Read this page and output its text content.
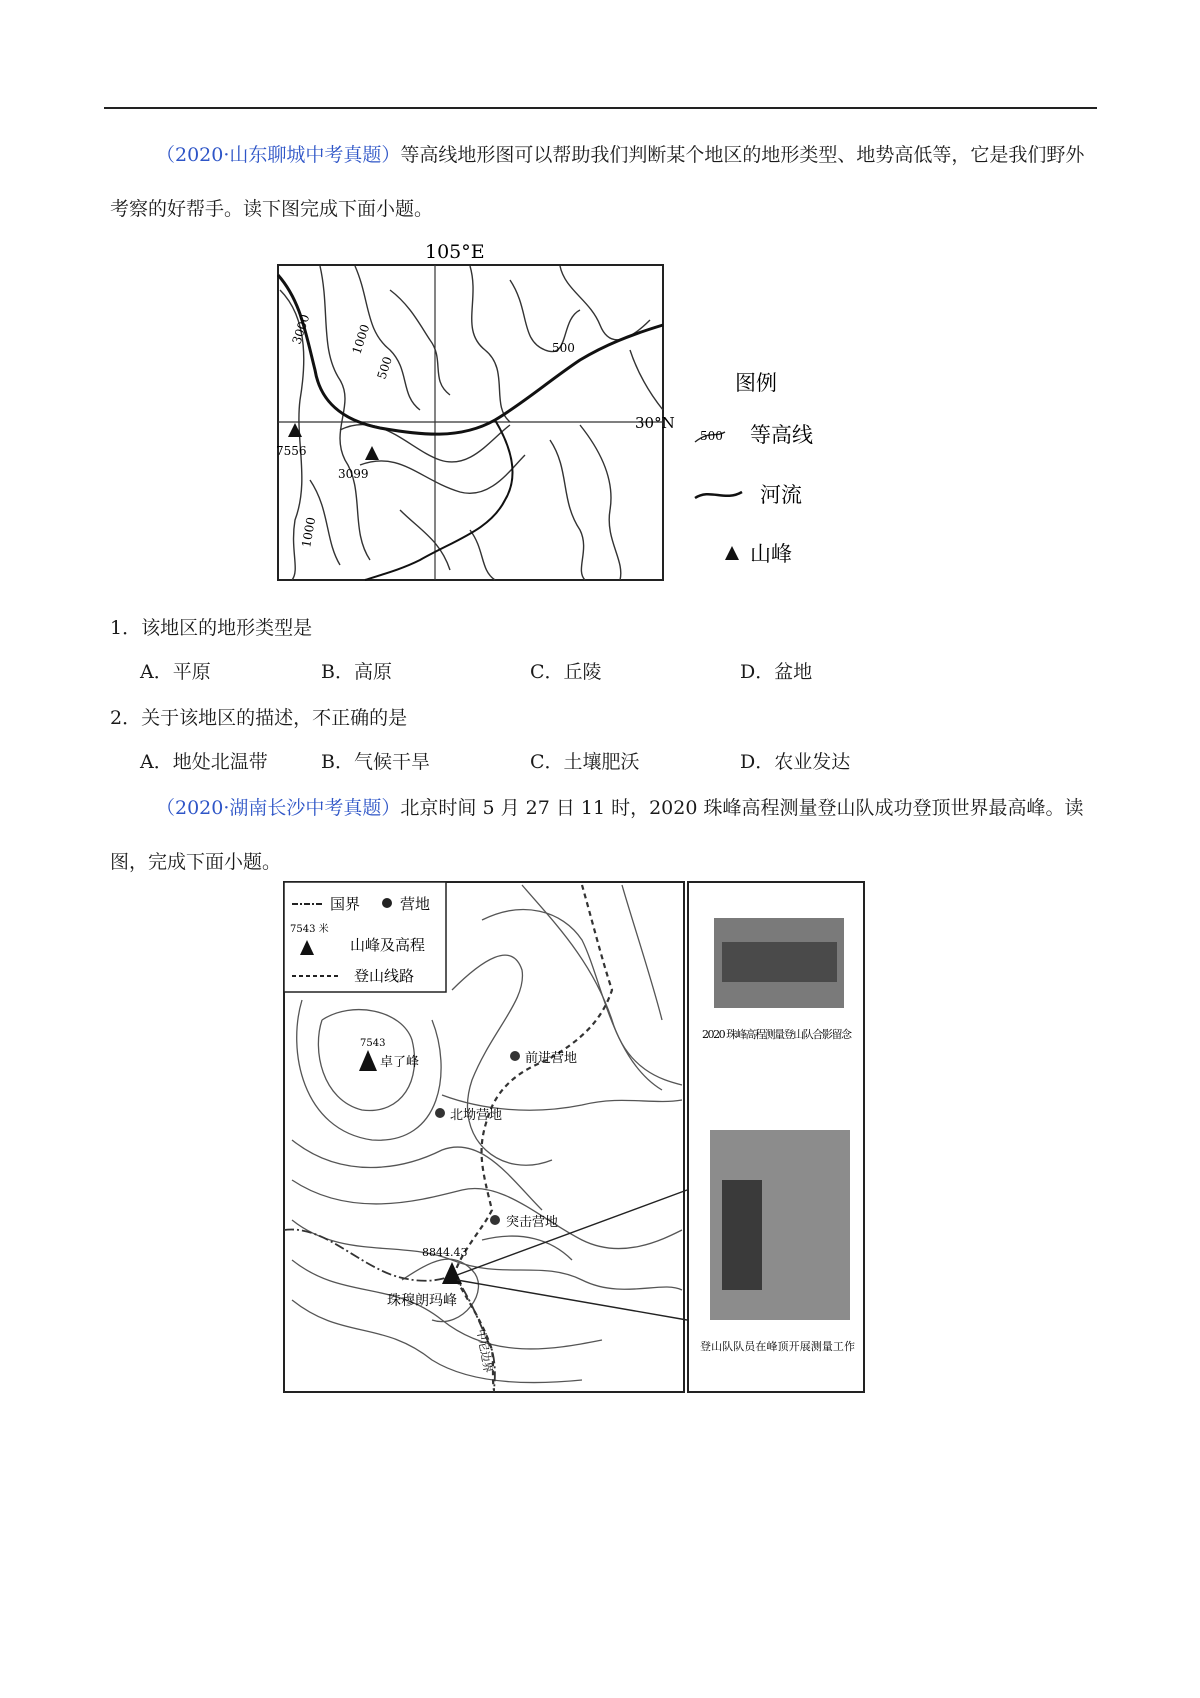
（2020·山东聊城中考真题）等高线地形图可以帮助我们判断某个地区的地形类型、地势高低等，它是我们野外考察的好帮手。读下图完成下面小题。
105°E
30°N
3000	1000
500
500
1000
7556
3099
图例
500 等高线
河流
山峰
1．该地区的地形类型是
A．平原	B．高原	C．丘陵	D．盆地
2．关于该地区的描述，不正确的是
A．地处北温带	B．气候干旱	C．土壤肥沃	D．农业发达
（2020·湖南长沙中考真题）北京时间 5 月 27 日 11 时，2020 珠峰高程测量登山队成功登顶世界最高峰。读图，完成下面小题。
中尼边界
国界	营地
7543 米
山峰及高程
登山线路
7543
卓了峰	前进营地
北坳营地
突击营地
8844.43
珠穆朗玛峰
2020 珠峰高程测量登山队合影留念
登山队队员在峰顶开展测量工作
